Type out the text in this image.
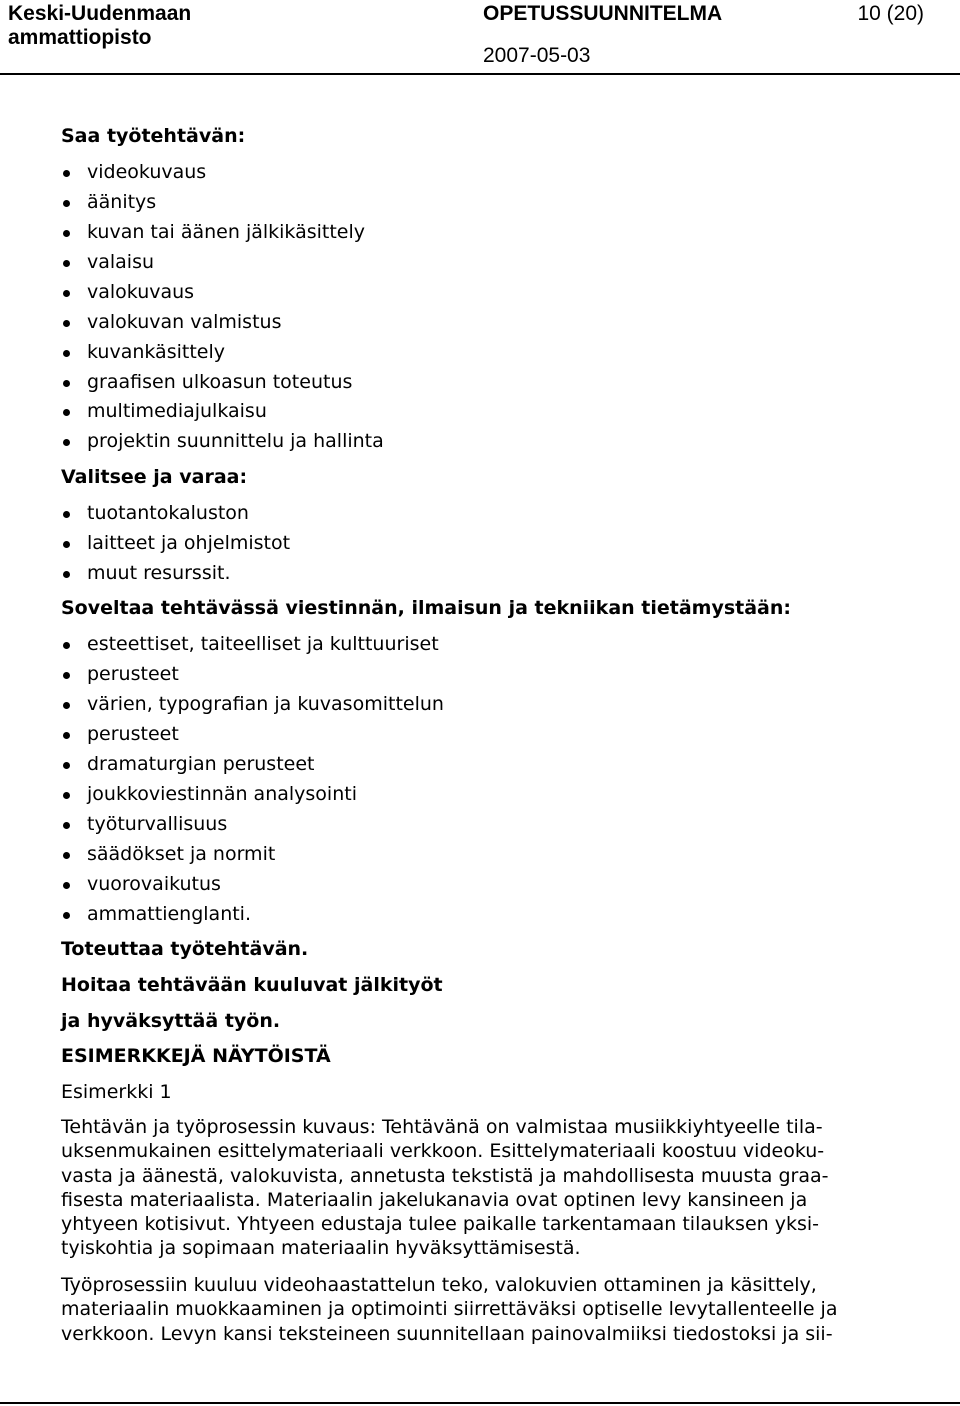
Keski-Uudenmaan
ammattiopisto
OPETUSSUUNNITELMA	10 (20)
2007-05-03
Saa työtehtävän:
videokuvaus
äänitys
kuvan tai äänen jälkikäsittely
valaisu
valokuvaus
valokuvan valmistus
kuvankäsittely
graafisen ulkoasun toteutus
multimediajulkaisu
projektin suunnittelu ja hallinta
Valitsee ja varaa:
tuotantokaluston
laitteet ja ohjelmistot
muut resurssit.
Soveltaa tehtävässä viestinnän, ilmaisun ja tekniikan tietämystään:
esteettiset, taiteelliset ja kulttuuriset
perusteet
värien, typografian ja kuvasomittelun
perusteet
dramaturgian perusteet
joukkoviestinnän analysointi
työturvallisuus
säädökset ja normit
vuorovaikutus
ammattienglanti.
Toteuttaa työtehtävän.
Hoitaa tehtävään kuuluvat jälkityöt
ja hyväksyttää työn.
ESIMERKKEJÄ NÄYTÖISTÄ
Esimerkki 1
Tehtävän ja työprosessin kuvaus: Tehtävänä on valmistaa musiikkiyhtyeelle tila-
uksenmukainen esittelymateriaali verkkoon. Esittelymateriaali koostuu videoku-
vasta ja äänestä, valokuvista, annetusta tekstistä ja mahdollisesta muusta graa-
fisesta materiaalista. Materiaalin jakelukanavia ovat optinen levy kansineen ja
yhtyeen kotisivut. Yhtyeen edustaja tulee paikalle tarkentamaan tilauksen yksi-
tyiskohtia ja sopimaan materiaalin hyväksyttämisestä.
Työprosessiin kuuluu videohaastattelun teko, valokuvien ottaminen ja käsittely,
materiaalin muokkaaminen ja optimointi siirrettäväksi optiselle levytallenteelle ja
verkkoon. Levyn kansi teksteineen suunnitellaan painovalmiiksi tiedostoksi ja sii-
